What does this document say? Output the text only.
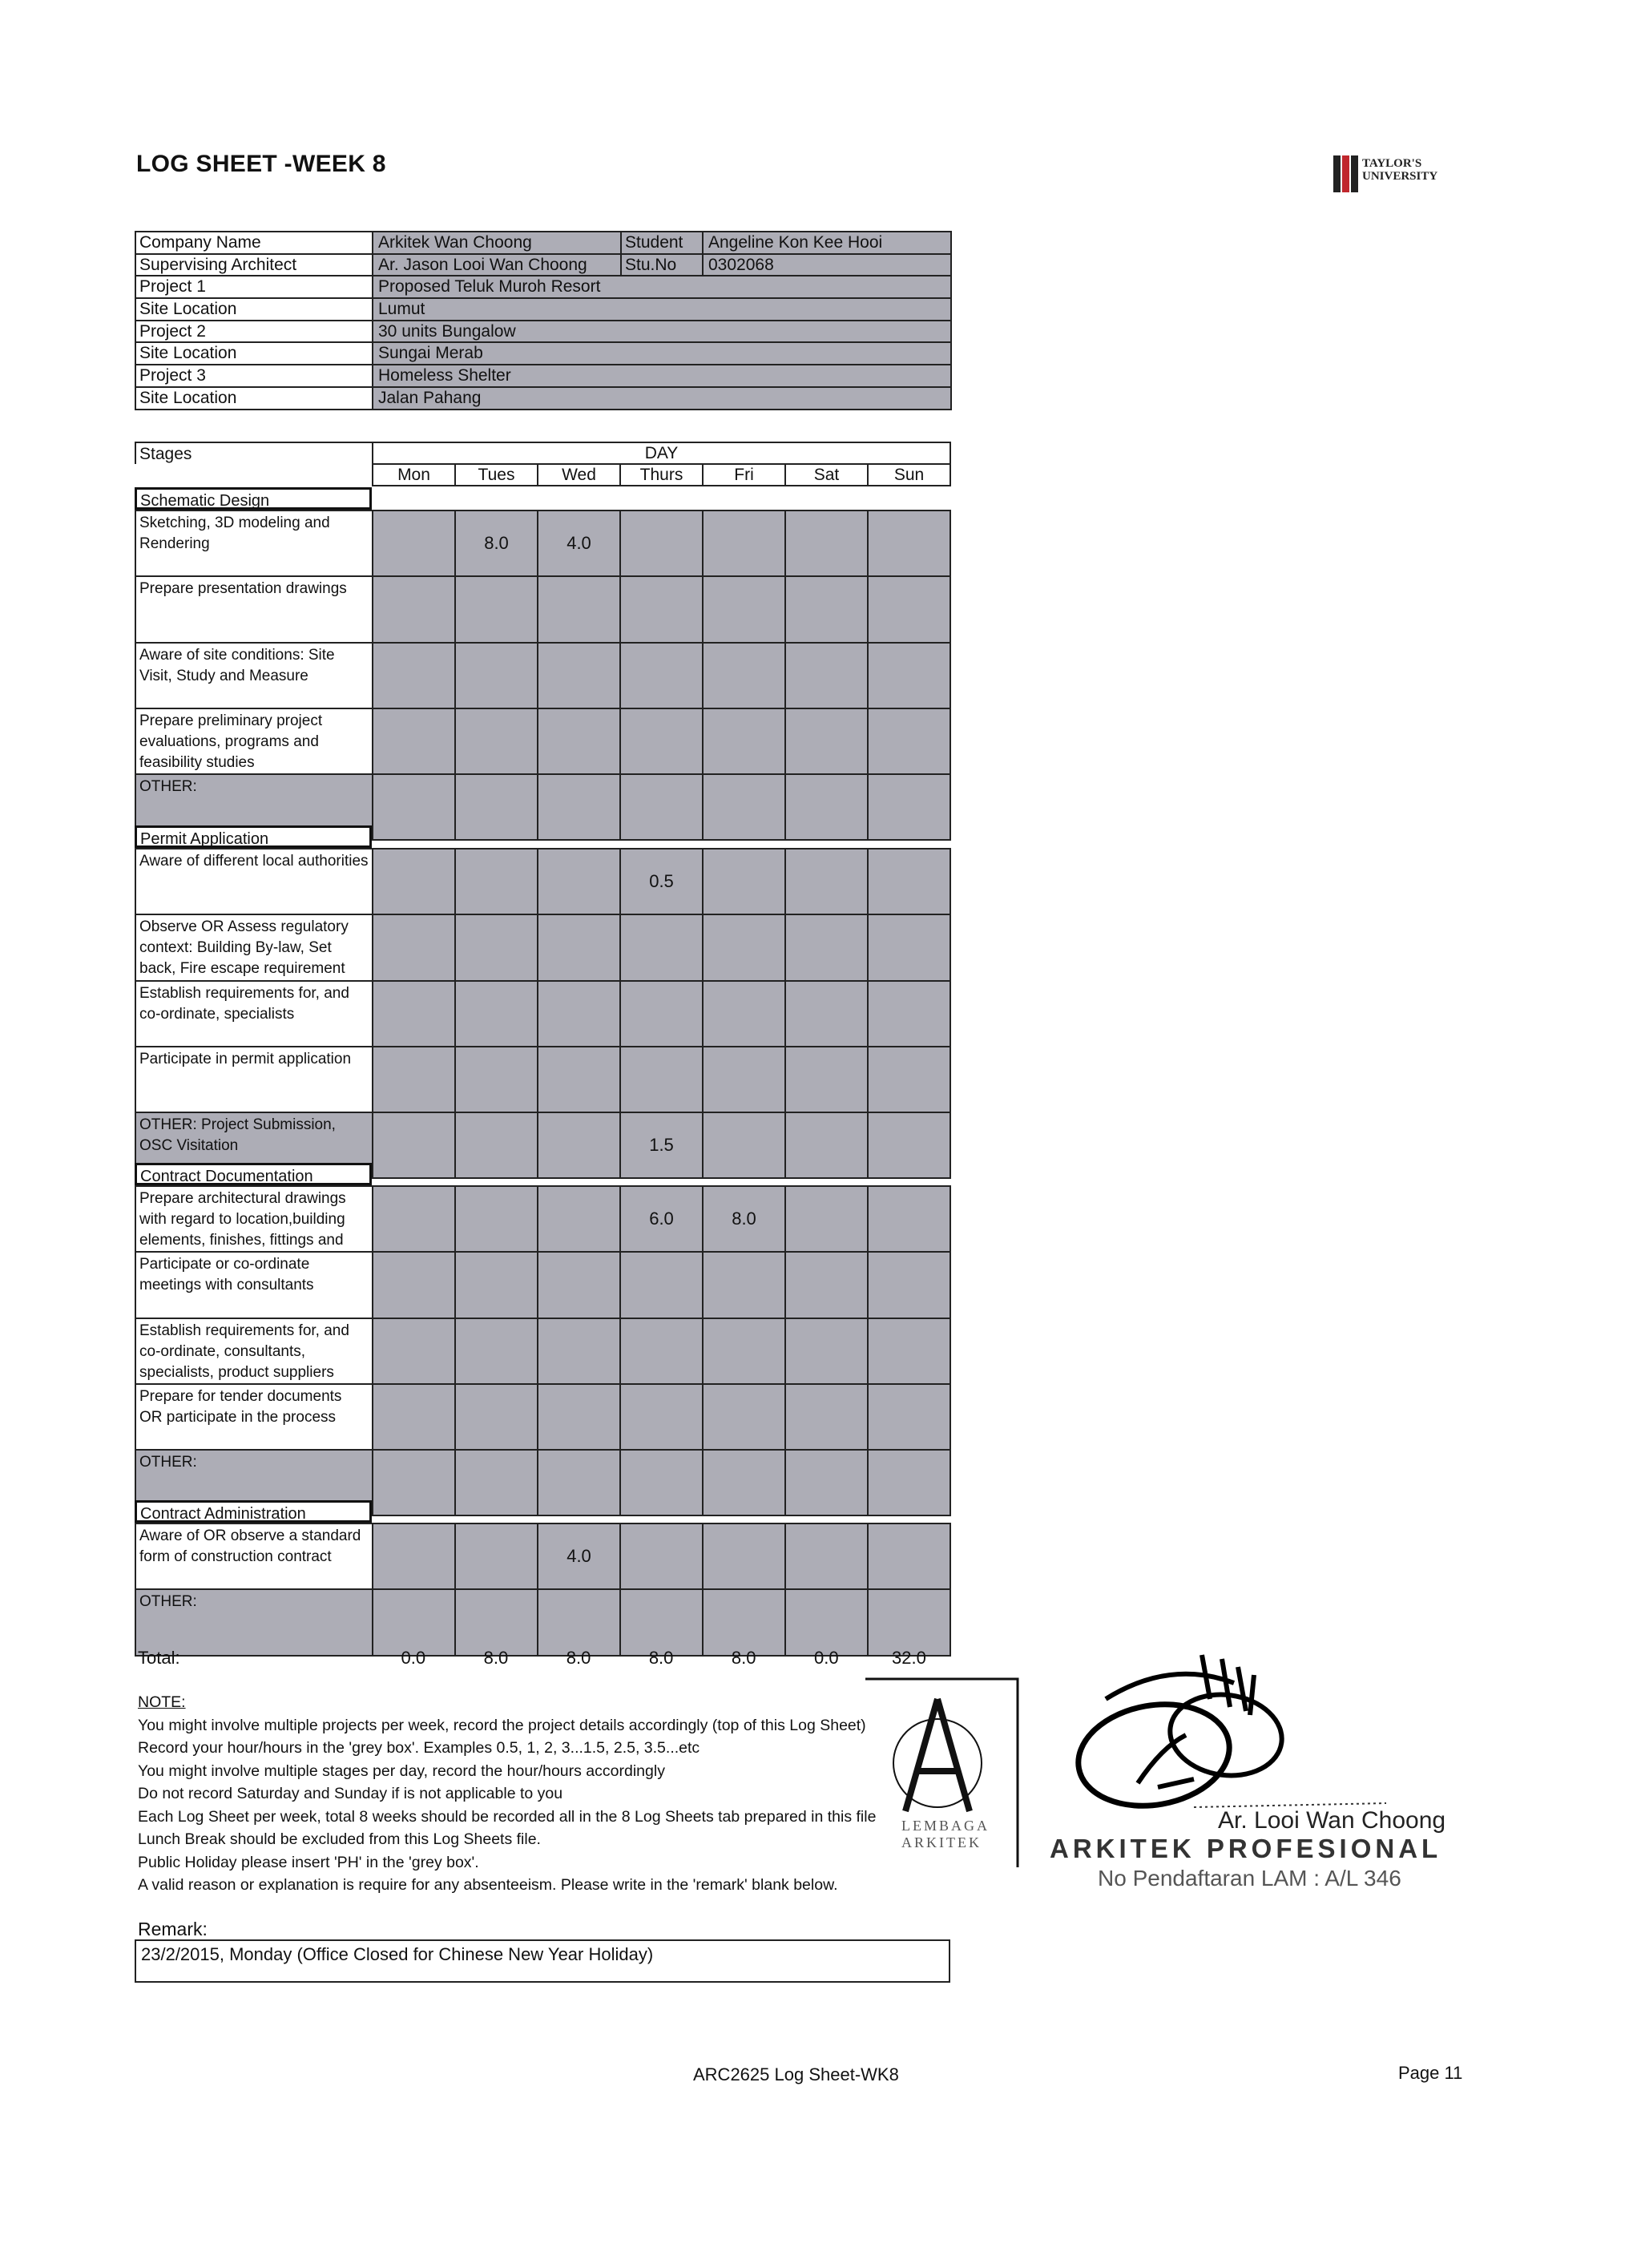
LOG SHEET -WEEK 8	TAYLOR'S UNIVERSITY
Company Name	Arkitek Wan Choong	Student	Angeline Kon Kee Hooi
Supervising Architect	Ar. Jason Looi Wan Choong	Stu.No	0302068
Project 1	Proposed Teluk Muroh Resort		
Site Location	Lumut		
Project 2	30 units Bungalow		
Site Location	Sungai Merab		
Project 3	Homeless Shelter		
Site Location	Jalan Pahang		
Stages	DAY						
	Mon	Tues	Wed	Thurs	Fri	Sat	Sun
Schematic Design
Sketching, 3D modeling and Rendering		8.0	4.0				
Prepare presentation drawings							
Aware of site conditions: Site Visit, Study and Measure							
Prepare preliminary project evaluations, programs and feasibility studies							
OTHER:							
Permit Application
Aware of different local authorities				0.5			
Observe OR Assess regulatory context: Building By-law, Set back, Fire escape requirement							
Establish requirements for, and co-ordinate, specialists							
Participate in permit application							
OTHER: Project Submission, OSC Visitation				1.5			
Contract Documentation
Prepare architectural drawings with regard to location,building elements, finishes, fittings and				6.0	8.0		
Participate or co-ordinate meetings with consultants							
Establish requirements for, and co-ordinate, consultants, specialists, product suppliers							
Prepare for tender documents OR participate in the process							
OTHER:							
Contract Administration
Aware of OR observe a standard form of construction contract			4.0				
OTHER:							
Total:	0.0	8.0	8.0	8.0	8.0	0.0	32.0
NOTE:
You might involve multiple projects per week, record the project details accordingly (top of this Log Sheet)
Record your hour/hours in the 'grey box'. Examples 0.5, 1, 2, 3...1.5, 2.5, 3.5...etc
You might involve multiple stages per day, record the hour/hours accordingly
Do not record Saturday and Sunday if is not applicable to you
Each Log Sheet per week, total 8 weeks should be recorded all in the 8 Log Sheets tab prepared in this file
Lunch Break should be excluded from this Log Sheets file.
Public Holiday please insert 'PH' in the 'grey box'.
A valid reason or explanation is require for any absenteeism. Please write in the 'remark' blank below.
Remark:
23/2/2015, Monday (Office Closed for Chinese New Year Holiday)
LEMBAGA ARKITEK
Ar. Looi Wan Choong
ARKITEK PROFESIONAL
No Pendaftaran LAM : A/L 346
ARC2625 Log Sheet-WK8	Page 11
